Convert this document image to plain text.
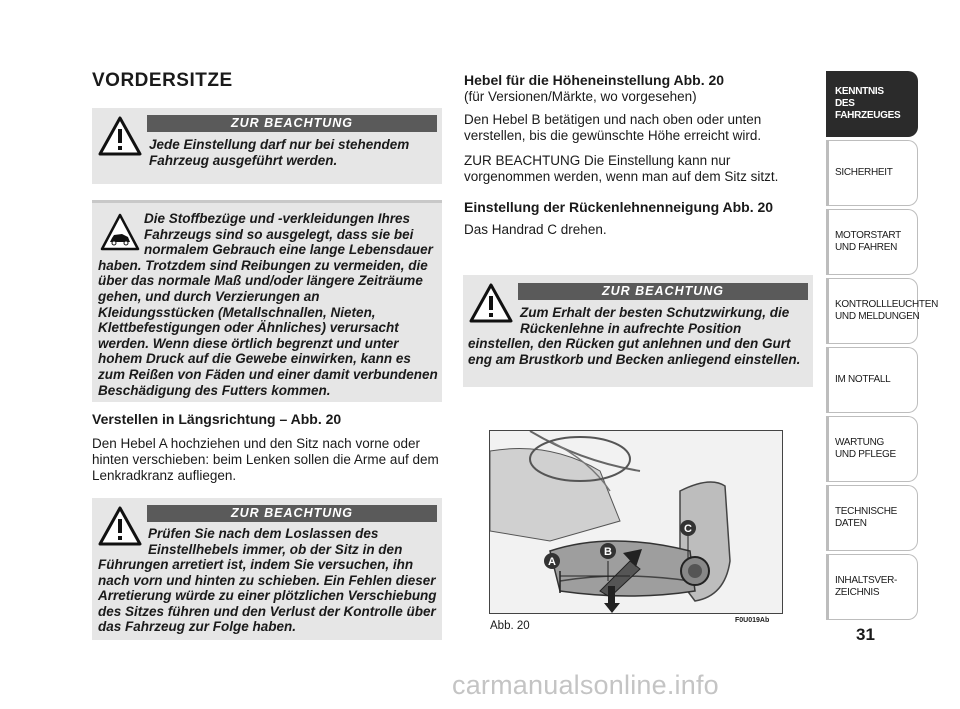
VORDERSITZE
ZUR BEACHTUNG
Jede Einstellung darf nur bei stehendem Fahrzeug ausgeführt werden.
Die Stoffbezüge und -verkleidungen Ihres Fahrzeugs sind so ausgelegt, dass sie bei normalem Gebrauch eine lange Lebensdauer haben. Trotzdem sind Reibungen zu vermeiden, die über das normale Maß und/oder längere Zeiträume gehen, und durch Verzierungen an Kleidungsstücken (Metallschnallen, Nieten, Klettbefestigungen oder Ähnliches) verursacht werden. Wenn diese örtlich begrenzt und unter hohem Druck auf die Gewebe einwirken, kann es zum Reißen von Fäden und einer damit verbundenen Beschädigung des Futters kommen.
Verstellen in Längsrichtung – Abb. 20
Den Hebel A hochziehen und den Sitz nach vorne oder hinten verschieben: beim Lenken sollen die Arme auf dem Lenkradkranz aufliegen.
ZUR BEACHTUNG
Prüfen Sie nach dem Loslassen des Einstellhebels immer, ob der Sitz in den Führungen arretiert ist, indem Sie versuchen, ihn nach vorn und hinten zu schieben. Ein Fehlen dieser Arretierung würde zu einer plötzlichen Verschiebung des Sitzes führen und den Verlust der Kontrolle über das Fahrzeug zur Folge haben.
Hebel für die Höheneinstellung Abb. 20
(für Versionen/Märkte, wo vorgesehen)
Den Hebel B betätigen und nach oben oder unten verstellen, bis die gewünschte Höhe erreicht wird.
ZUR BEACHTUNG Die Einstellung kann nur vorgenommen werden, wenn man auf dem Sitz sitzt.
Einstellung der Rückenlehnenneigung Abb. 20
Das Handrad C drehen.
ZUR BEACHTUNG
Zum Erhalt der besten Schutzwirkung, die Rückenlehne in aufrechte Position einstellen, den Rücken gut anlehnen und den Gurt eng am Brustkorb und Becken anliegend einstellen.
A
B
C
Abb. 20	F0U019Ab
KENNTNIS
DES FAHRZEUGES
SICHERHEIT
MOTORSTART
UND FAHREN
KONTROLLLEUCHTEN
UND MELDUNGEN
IM NOTFALL
WARTUNG
UND PFLEGE
TECHNISCHE
DATEN
INHALTSVER-
ZEICHNIS
31
carmanualsonline.info
